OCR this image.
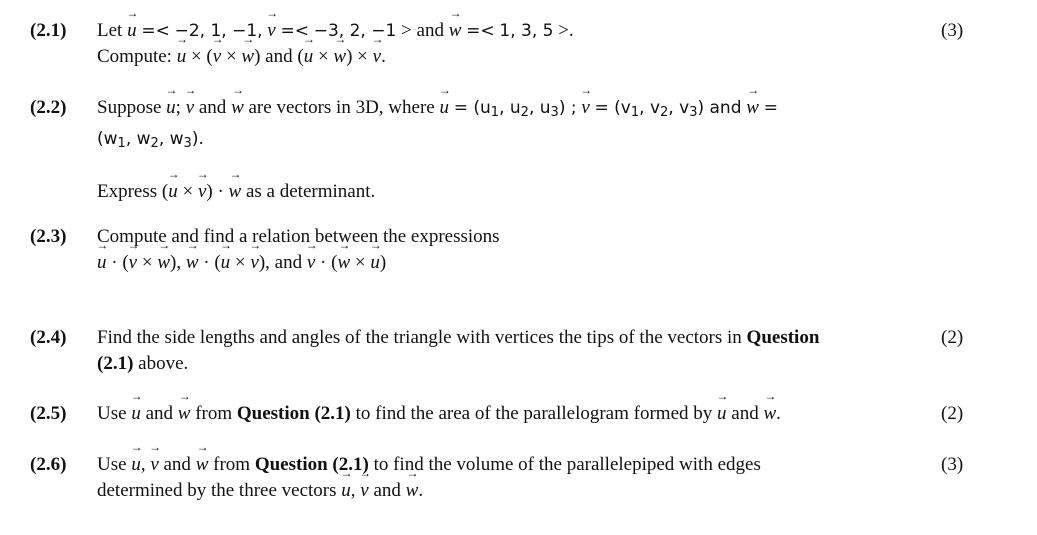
(2.1) Let u → =< −2, 1, −1, v → =< −3, 2, −1 > and w → =< 1, 3, 5 >.
Compute: u → × (v → × w →) and (u → × w →) × v →.
(3)
(2.2) Suppose u →; v → and w → are vectors in 3D, where u → = ($u_1$, $u_2$, $u_3$) ; v → = ($v_1$, $v_2$, $v_3$) and w → =
($w_1$, $w_2$, $w_3$).
Express (u → × v →) · w → as a determinant.
(2.3) Compute and find a relation between the expressions
u → · (v → × w →), w → · (u → × v →), and v → · (w → × u →)
(2.4) Find the side lengths and angles of the triangle with vertices the tips of the vectors in Question
(2.1) above.
(2)
(2.5) Use u → and w → from Question (2.1) to find the area of the parallelogram formed by u → and w →.	(2)
(2.6) Use u →, v → and w → from Question (2.1) to find the volume of the parallelepiped with edges
determined by the three vectors u →, v → and w →.
(3)
